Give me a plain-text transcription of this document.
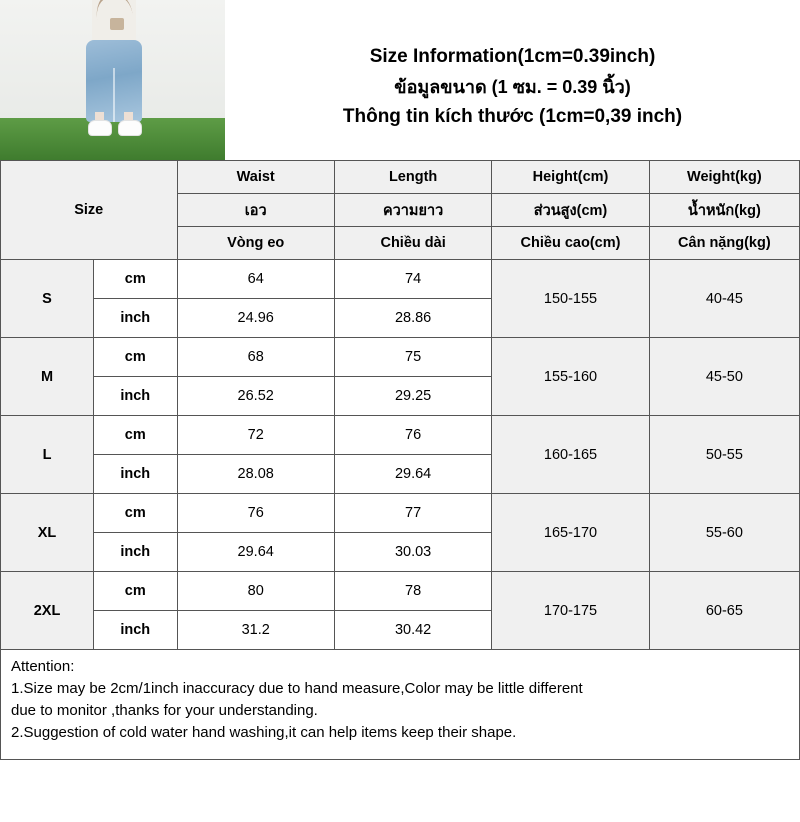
Size Information(1cm=0.39inch)
ข้อมูลขนาด (1 ซม. = 0.39 นิ้ว)
Thông tin kích thước (1cm=0,39 inch)
Size		Waist	Length	Height(cm)	Weight(kg)
		เอว	ความยาว	ส่วนสูง(cm)	น้ำหนัก(kg)
		Vòng eo	Chiều dài	Chiều cao(cm)	Cân nặng(kg)
S	cm	64	74	150-155	40-45
	inch	24.96	28.86		
M	cm	68	75	155-160	45-50
	inch	26.52	29.25		
L	cm	72	76	160-165	50-55
	inch	28.08	29.64		
XL	cm	76	77	165-170	55-60
	inch	29.64	30.03		
2XL	cm	80	78	170-175	60-65
	inch	31.2	30.42		
Attention:
1.Size may be 2cm/1inch inaccuracy due to hand measure,Color may be little different
due to monitor ,thanks for your understanding.
2.Suggestion of cold water hand washing,it can help items keep their shape.
